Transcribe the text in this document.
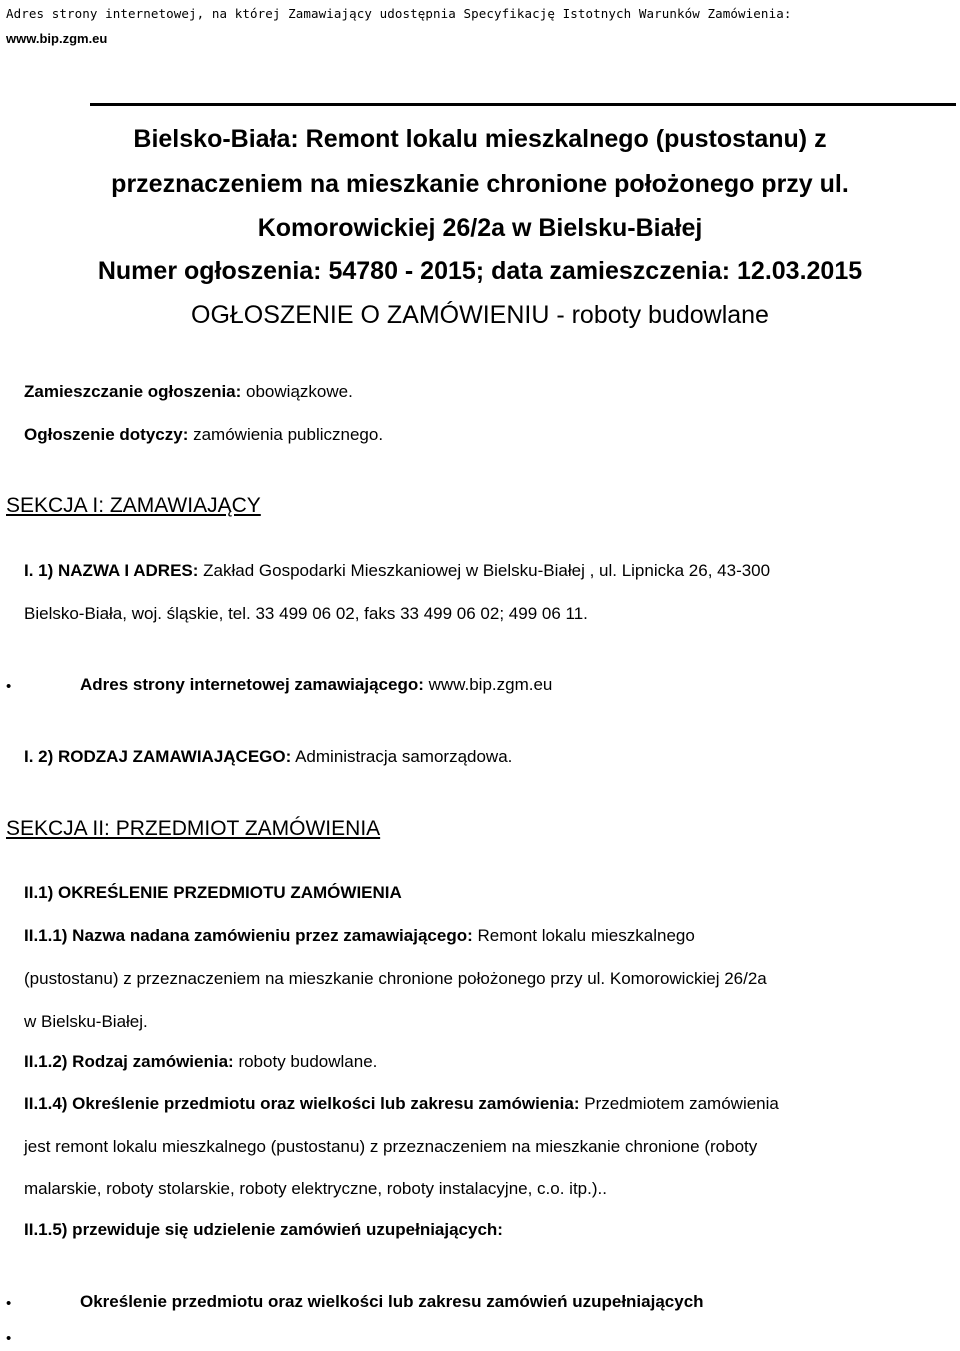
Adres strony internetowej, na której Zamawiający udostępnia Specyfikację Istotnych Warunków Zamówienia:
www.bip.zgm.eu
Bielsko-Biała: Remont lokalu mieszkalnego (pustostanu) z
przeznaczeniem na mieszkanie chronione położonego przy ul.
Komorowickiej 26/2a w Bielsku-Białej
Numer ogłoszenia: 54780 - 2015; data zamieszczenia: 12.03.2015
OGŁOSZENIE O ZAMÓWIENIU - roboty budowlane
Zamieszczanie ogłoszenia: obowiązkowe.
Ogłoszenie dotyczy: zamówienia publicznego.
SEKCJA I: ZAMAWIAJĄCY
I. 1) NAZWA I ADRES: Zakład Gospodarki Mieszkaniowej w Bielsku-Białej , ul. Lipnicka 26, 43-300
Bielsko-Biała, woj. śląskie, tel. 33 499 06 02, faks 33 499 06 02; 499 06 11.
•	Adres strony internetowej zamawiającego: www.bip.zgm.eu
I. 2) RODZAJ ZAMAWIAJĄCEGO: Administracja samorządowa.
SEKCJA II: PRZEDMIOT ZAMÓWIENIA
II.1) OKREŚLENIE PRZEDMIOTU ZAMÓWIENIA
II.1.1) Nazwa nadana zamówieniu przez zamawiającego: Remont lokalu mieszkalnego
(pustostanu) z przeznaczeniem na mieszkanie chronione położonego przy ul. Komorowickiej 26/2a
w Bielsku-Białej.
II.1.2) Rodzaj zamówienia: roboty budowlane.
II.1.4) Określenie przedmiotu oraz wielkości lub zakresu zamówienia: Przedmiotem zamówienia
jest remont lokalu mieszkalnego (pustostanu) z przeznaczeniem na mieszkanie chronione (roboty
malarskie, roboty stolarskie, roboty elektryczne, roboty instalacyjne, c.o. itp.)..
II.1.5) przewiduje się udzielenie zamówień uzupełniających:
•	Określenie przedmiotu oraz wielkości lub zakresu zamówień uzupełniających
•
